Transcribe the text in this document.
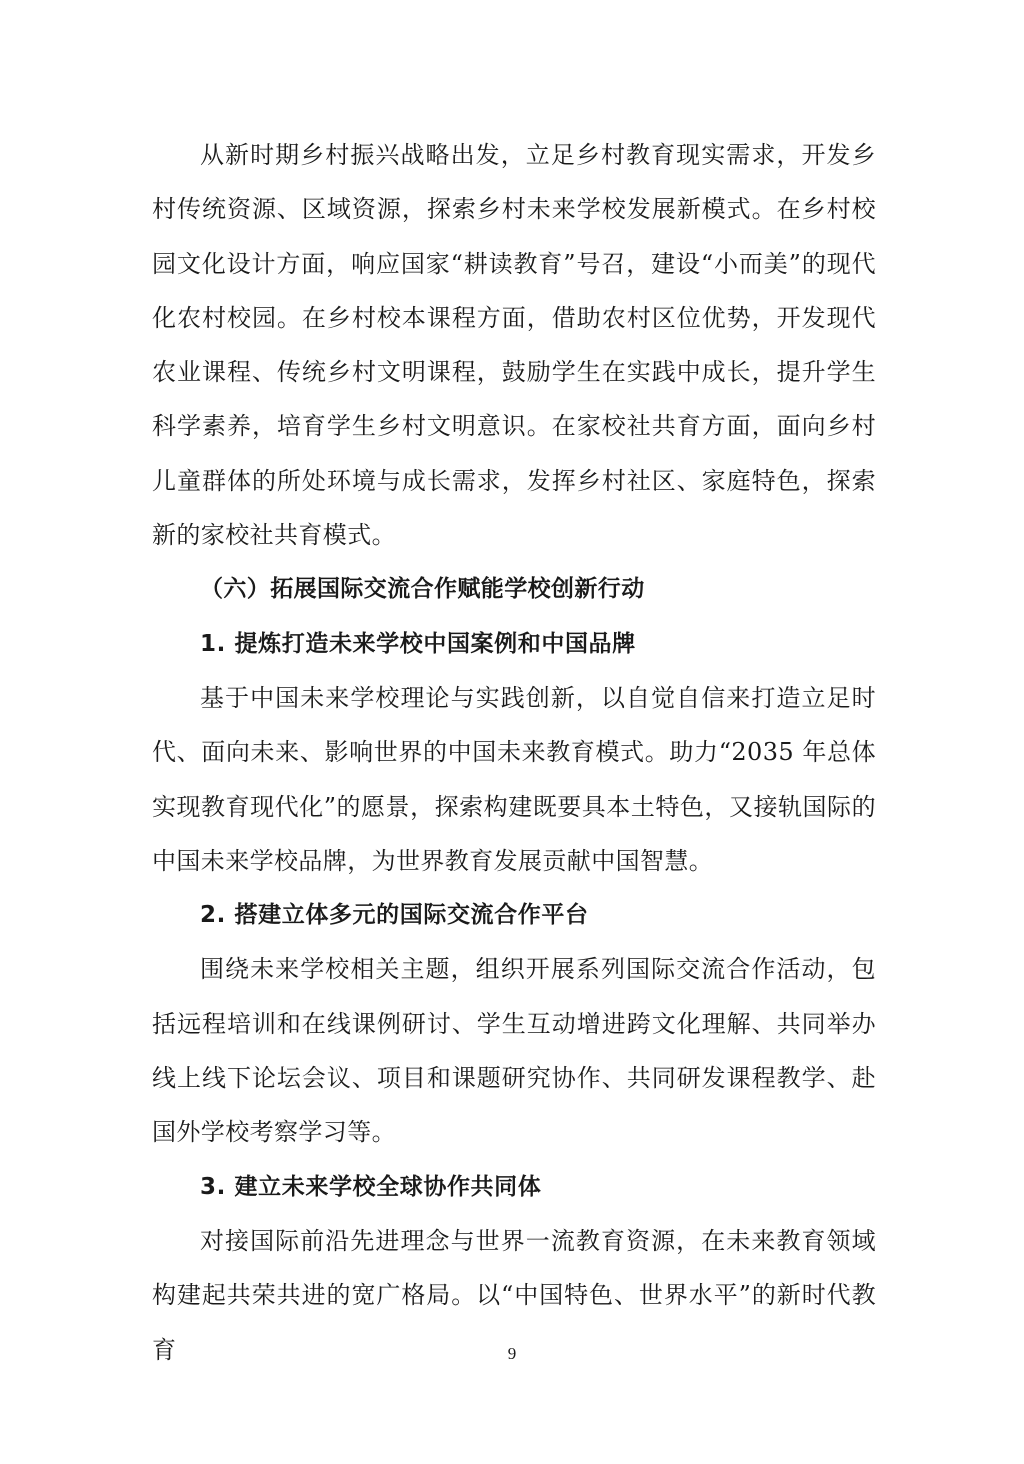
从新时期乡村振兴战略出发，立足乡村教育现实需求，开发乡村传统资源、区域资源，探索乡村未来学校发展新模式。在乡村校园文化设计方面，响应国家“耕读教育”号召，建设“小而美”的现代化农村校园。在乡村校本课程方面，借助农村区位优势，开发现代农业课程、传统乡村文明课程，鼓励学生在实践中成长，提升学生科学素养，培育学生乡村文明意识。在家校社共育方面，面向乡村儿童群体的所处环境与成长需求，发挥乡村社区、家庭特色，探索新的家校社共育模式。

（六）拓展国际交流合作赋能学校创新行动

1. 提炼打造未来学校中国案例和中国品牌

基于中国未来学校理论与实践创新，以自觉自信来打造立足时代、面向未来、影响世界的中国未来教育模式。助力“2035 年总体实现教育现代化”的愿景，探索构建既要具本土特色，又接轨国际的中国未来学校品牌，为世界教育发展贡献中国智慧。

2. 搭建立体多元的国际交流合作平台

围绕未来学校相关主题，组织开展系列国际交流合作活动，包括远程培训和在线课例研讨、学生互动增进跨文化理解、共同举办线上线下论坛会议、项目和课题研究协作、共同研发课程教学、赴国外学校考察学习等。

3. 建立未来学校全球协作共同体

对接国际前沿先进理念与世界一流教育资源，在未来教育领域构建起共荣共进的宽广格局。以“中国特色、世界水平”的新时代教育	9
